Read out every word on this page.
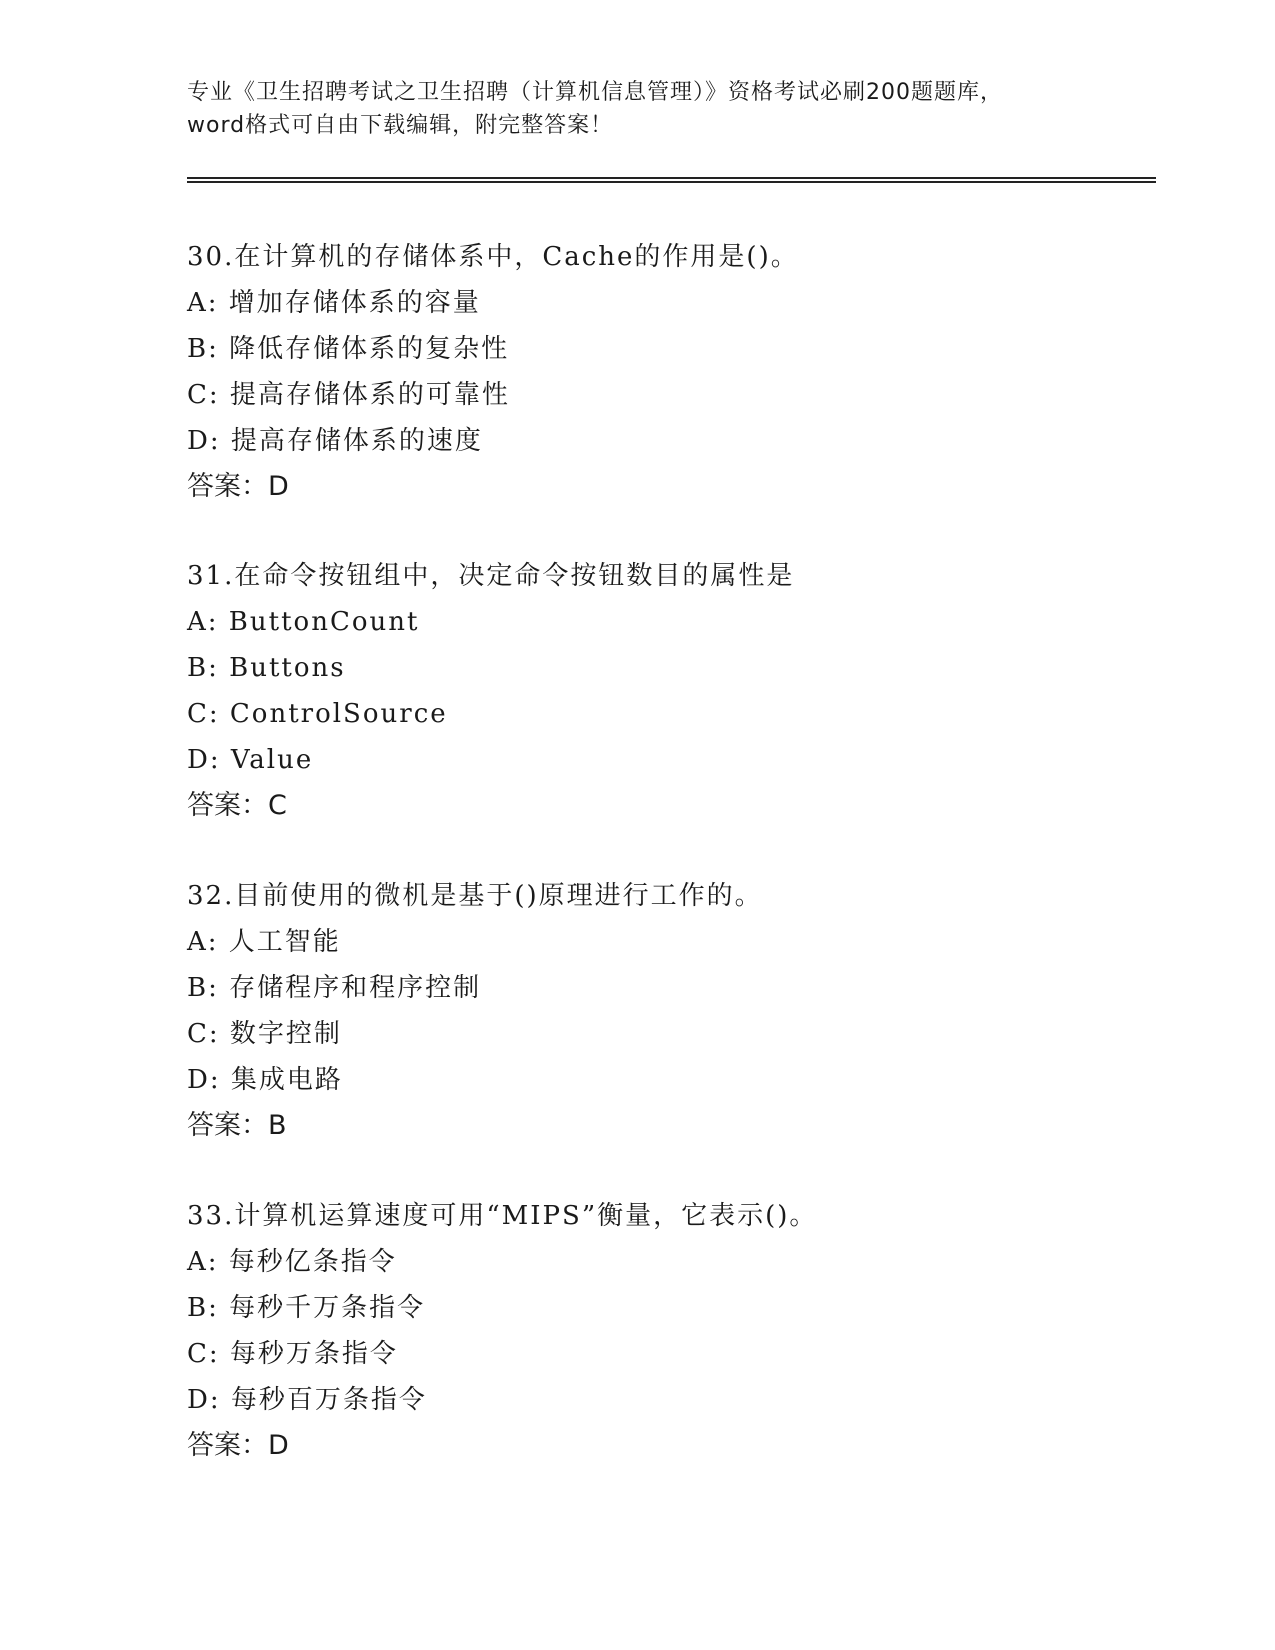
专业《卫生招聘考试之卫生招聘（计算机信息管理）》资格考试必刷200题题库，

word格式可自由下载编辑，附完整答案！

30.在计算机的存储体系中，Cache的作用是()。
A: 增加存储体系的容量
B: 降低存储体系的复杂性
C: 提高存储体系的可靠性
D: 提高存储体系的速度
答案：D
31.在命令按钮组中，决定命令按钮数目的属性是
A: ButtonCount
B: Buttons
C: ControlSource
D: Value
答案：C
32.目前使用的微机是基于()原理进行工作的。
A: 人工智能
B: 存储程序和程序控制
C: 数字控制
D: 集成电路
答案：B
33.计算机运算速度可用“MIPS”衡量，它表示()。
A: 每秒亿条指令
B: 每秒千万条指令
C: 每秒万条指令
D: 每秒百万条指令
答案：D
